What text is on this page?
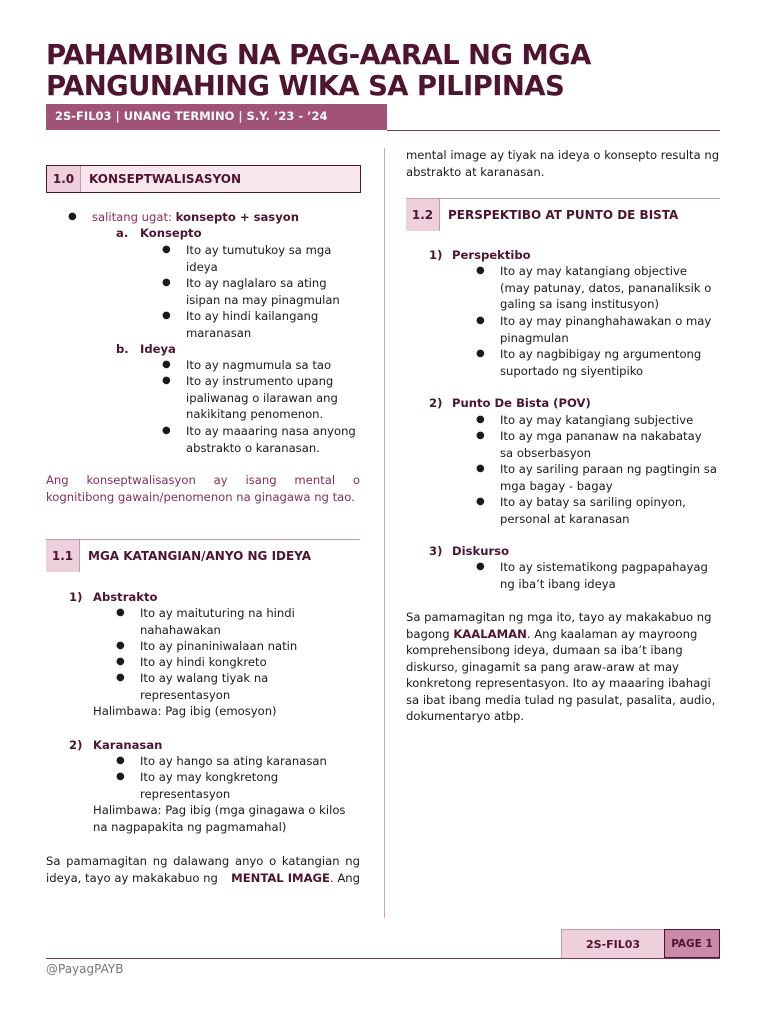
PAHAMBING NA PAG-AARAL NG MGA
PANGUNAHING WIKA SA PILIPINAS
2S-FIL03 | UNANG TERMINO | S.Y. ’23 - ’24
1.0	KONSEPTWALISASYON
● salitang ugat: konsepto + sasyon
a. Konsepto
● Ito ay tumutukoy sa mga
ideya
● Ito ay naglalaro sa ating
isipan na may pinagmulan
● Ito ay hindi kailangang
maranasan
b. Ideya
● Ito ay nagmumula sa tao
● Ito ay instrumento upang
ipaliwanag o ilarawan ang
nakikitang penomenon.
● Ito ay maaaring nasa anyong
abstrakto o karanasan.
Ang konseptwalisasyon ay isang mental o kognitibong gawain/penomenon na ginagawa ng tao.
1.1	MGA KATANGIAN/ANYO NG IDEYA
1) Abstrakto
● Ito ay maituturing na hindi
nahahawakan
● Ito ay pinaniniwalaan natin
● Ito ay hindi kongkreto
● Ito ay walang tiyak na
representasyon
Halimbawa: Pag ibig (emosyon)
2) Karanasan
● Ito ay hango sa ating karanasan
● Ito ay may kongkretong
representasyon
Halimbawa: Pag ibig (mga ginagawa o kilos
na nagpapakita ng pagmamahal)
Sa pamamagitan ng dalawang anyo o katangian ng
ideya, tayo ay makakabuo ng MENTAL IMAGE . Ang
mental image ay tiyak na ideya o konsepto resulta ng
abstrakto at karanasan.
1.2	PERSPEKTIBO AT PUNTO DE BISTA
1) Perspektibo
● Ito ay may katangiang objective
(may patunay, datos, pananaliksik o
galing sa isang institusyon)
● Ito ay may pinanghahawakan o may
pinagmulan
● Ito ay nagbibigay ng argumentong
suportado ng siyentipiko
2) Punto De Bista (POV)
● Ito ay may katangiang subjective
● Ito ay mga pananaw na nakabatay
sa obserbasyon
● Ito ay sariling paraan ng pagtingin sa
mga bagay - bagay
● Ito ay batay sa sariling opinyon,
personal at karanasan
3) Diskurso
● Ito ay sistematikong pagpapahayag
ng iba’t ibang ideya
Sa pamamagitan ng mga ito, tayo ay makakabuo ng
bagong KAALAMAN. Ang kaalaman ay mayroong
komprehensibong ideya, dumaan sa iba’t ibang
diskurso, ginagamit sa pang araw-araw at may
konkretong representasyon. Ito ay maaaring ibahagi
sa ibat ibang media tulad ng pasulat, pasalita, audio,
dokumentaryo atbp.
2S-FIL03	PAGE 1
@PayagPAYB
